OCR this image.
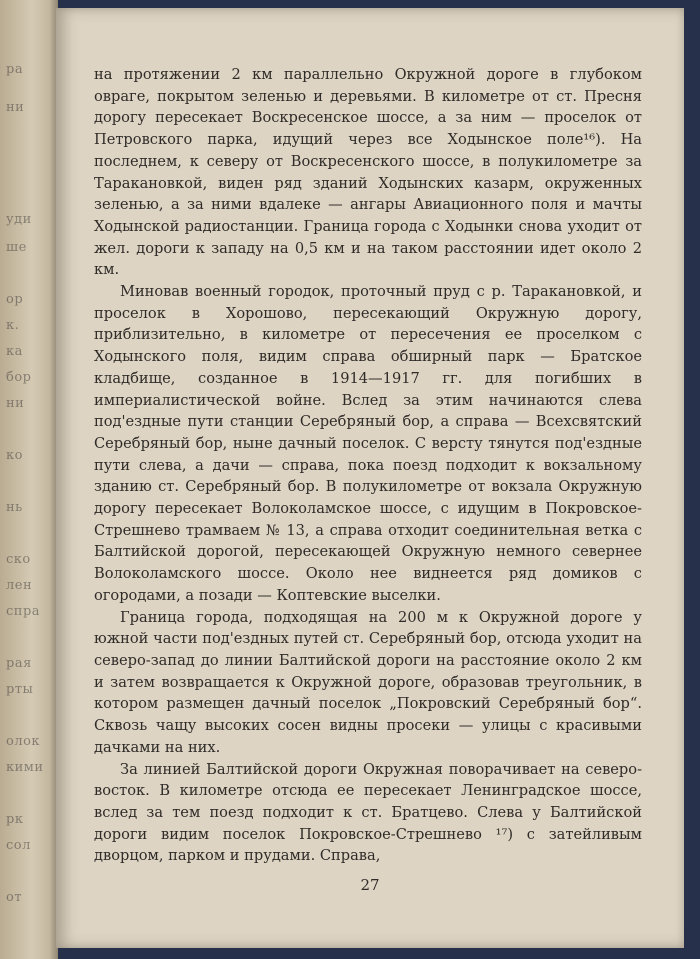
ра
ни
уди
ше
ор
к.
ка
бор
ни
ко
нь
ско
лен
спра
рая
рты
олок
кими
рк
сол
от

на протяжении 2 км параллельно Окружной дороге в глубоком овраге, покрытом зеленью и деревьями. В километре от ст. Пресня дорогу пересекает Воскресенское шоссе, а за ним — проселок от Петровского парка, идущий через все Ходынское поле¹⁶). На последнем, к северу от Воскресенского шоссе, в полукилометре за Таракановкой, виден ряд зданий Ходынских казарм, окруженных зеленью, а за ними вдалеке — ангары Авиационного поля и мачты Ходынской радиостанции. Граница города с Ходынки снова уходит от жел. дороги к западу на 0,5 км и на таком расстоянии идет около 2 км.

Миновав военный городок, проточный пруд с р. Таракановкой, и проселок в Хорошово, пересекающий Окружную дорогу, приблизительно, в километре от пересечения ее проселком с Ходынского поля, видим справа обширный парк — Братское кладбище, созданное в 1914—1917 гг. для погибших в империалистической войне. Вслед за этим начинаются слева под'ездные пути станции Серебряный бор, а справа — Всехсвятский Серебряный бор, ныне дачный поселок. С версту тянутся под'ездные пути слева, а дачи — справа, пока поезд подходит к вокзальному зданию ст. Серебряный бор. В полукилометре от вокзала Окружную дорогу пересекает Волоколамское шоссе, с идущим в Покровское-Стрешнево трамваем № 13, а справа отходит соединительная ветка с Балтийской дорогой, пересекающей Окружную немного севернее Волоколамского шоссе. Около нее виднеется ряд домиков с огородами, а позади — Коптевские выселки.

Граница города, подходящая на 200 м к Окружной дороге у южной части под'ездных путей ст. Серебряный бор, отсюда уходит на северо-запад до линии Балтийской дороги на расстояние около 2 км и затем возвращается к Окружной дороге, образовав треугольник, в котором размещен дачный поселок „Покровский Серебряный бор“. Сквозь чащу высоких сосен видны просеки — улицы с красивыми дачками на них.

За линией Балтийской дороги Окружная поворачивает на северо-восток. В километре отсюда ее пересекает Ленинградское шоссе, вслед за тем поезд подходит к ст. Братцево. Слева у Балтийской дороги видим поселок Покровское-Стрешнево ¹⁷) с затейливым дворцом, парком и прудами. Справа,

27
